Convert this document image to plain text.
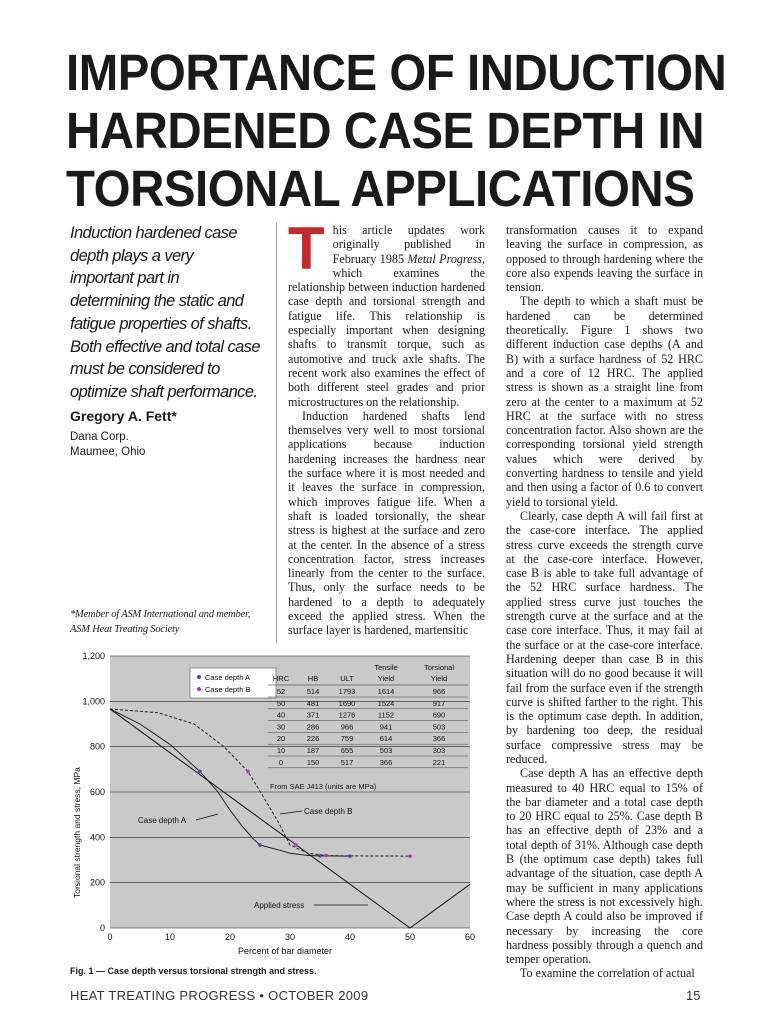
IMPORTANCE OF INDUCTION
HARDENED CASE DEPTH IN
TORSIONAL APPLICATIONS
Induction hardened case
depth plays a very
important part in
determining the static and
fatigue properties of shafts.
Both effective and total case
must be considered to
optimize shaft performance.
Gregory A. Fett*
Dana Corp.
Maumee, Ohio
*Member of ASM International and member,
ASM Heat Treating Society

This article updates work originally published in February 1985 Metal Progress, which examines the relationship between induction hardened case depth and torsional strength and fatigue life. This relationship is especially important when designing shafts to transmit torque, such as automotive and truck axle shafts. The recent work also examines the effect of both different steel grades and prior microstructures on the relationship.

Induction hardened shafts lend themselves very well to most torsional applications because induction hardening increases the hardness near the surface where it is most needed and it leaves the surface in compression, which improves fatigue life. When a shaft is loaded torsionally, the shear stress is highest at the surface and zero at the center. In the absence of a stress concentration factor, stress increases linearly from the center to the surface. Thus, only the surface needs to be hardened to a depth to adequately exceed the applied stress. When the surface layer is hardened, martensitic

transformation causes it to expand leaving the surface in compression, as opposed to through hardening where the core also expends leaving the surface in tension.

The depth to which a shaft must be hardened can be determined theoretically. Figure 1 shows two different induction case depths (A and B) with a surface hardness of 52 HRC and a core of 12 HRC. The applied stress is shown as a straight line from zero at the center to a maximum at 52 HRC at the surface with no stress concentration factor. Also shown are the corresponding torsional yield strength values which were derived by converting hardness to tensile and yield and then using a factor of 0.6 to convert yield to torsional yield.

Clearly, case depth A will fail first at the case-core interface. The applied stress curve exceeds the strength curve at the case-core interface. However, case B is able to take full advantage of the 52 HRC surface hardness. The applied stress curve just touches the strength curve at the surface and at the case core interface. Thus, it may fail at the surface or at the case-core interface. Hardening deeper than case B in this situation will do no good because it will fail from the surface even if the strength curve is shifted farther to the right. This is the optimum case depth. In addition, by hardening too deep, the residual surface compressive stress may be reduced.

Case depth A has an effective depth measured to 40 HRC equal to 15% of the bar diameter and a total case depth to 20 HRC equal to 25%. Case depth B has an effective depth of 23% and a total depth of 31%. Although case depth B (the optimum case depth) takes full advantage of the situation, case depth A may be sufficient in many applications where the stress is not excessively high. Case depth A could also be improved if necessary by increasing the core hardness possibly through a quench and temper operation.

To examine the correlation of actual

0
200
400
600
800
1,000
1,200
0	10	20	30	40	50	60
Percent of bar diameter
Torsional strength and stress, MPa
Case depth A
Case depth B
HRC HB	ULT
Tensile
Yield
Torsional
Yield
52	514	1793	1614	966
50	481	1690	1524	917
40	371	1276	1152	690
30	286	966	941	503
20	226	759	614	366
10	187	655	503	303
0	150	517	366	221
From SAE J413 (units are MPa)
Case depth A
Case depth B
Applied stress
Fig. 1 — Case depth versus torsional strength and stress.
HEAT TREATING PROGRESS • OCTOBER 2009	15
